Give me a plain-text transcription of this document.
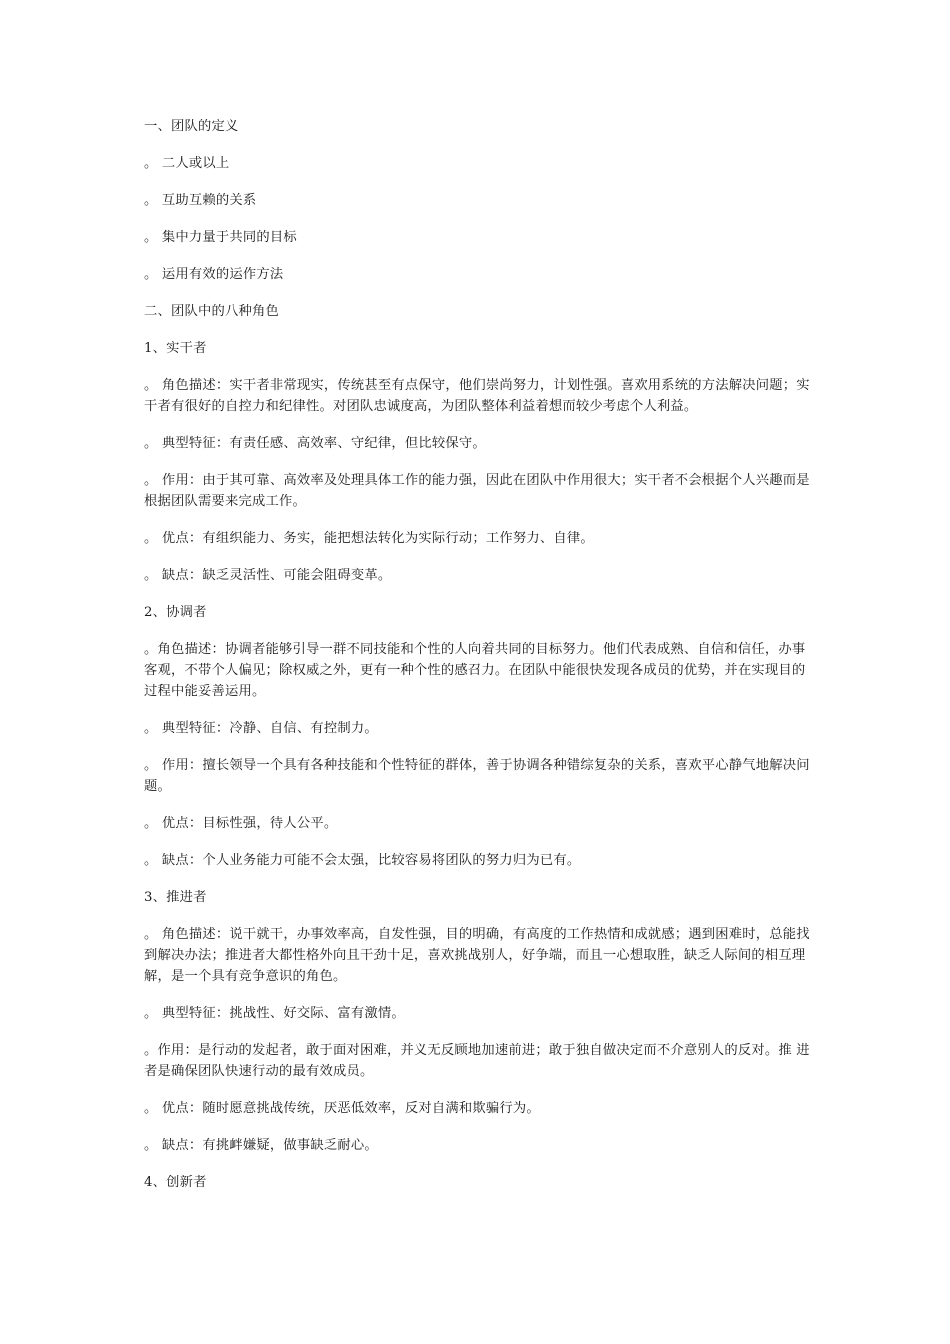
一、团队的定义

。 二人或以上

。 互助互赖的关系

。 集中力量于共同的目标

。 运用有效的运作方法

二、团队中的八种角色

1、实干者

。 角色描述：实干者非常现实，传统甚至有点保守，他们崇尚努力，计划性强。喜欢用系统的方法解决问题；实干者有很好的自控力和纪律性。对团队忠诚度高，为团队整体利益着想而较少考虑个人利益。

。 典型特征：有责任感、高效率、守纪律，但比较保守。

。 作用：由于其可靠、高效率及处理具体工作的能力强，因此在团队中作用很大；实干者不会根据个人兴趣而是根据团队需要来完成工作。

。 优点：有组织能力、务实，能把想法转化为实际行动；工作努力、自律。

。 缺点：缺乏灵活性、可能会阻碍变革。

2、协调者

。角色描述：协调者能够引导一群不同技能和个性的人向着共同的目标努力。他们代表成熟、自信和信任，办事客观，不带个人偏见；除权威之外，更有一种个性的感召力。在团队中能很快发现各成员的优势，并在实现目的过程中能妥善运用。

。 典型特征：冷静、自信、有控制力。

。 作用：擅长领导一个具有各种技能和个性特征的群体，善于协调各种错综复杂的关系，喜欢平心静气地解决问题。

。 优点：目标性强，待人公平。

。 缺点：个人业务能力可能不会太强，比较容易将团队的努力归为已有。

3、推进者

。 角色描述：说干就干，办事效率高，自发性强，目的明确，有高度的工作热情和成就感；遇到困难时，总能找到解决办法；推进者大都性格外向且干劲十足，喜欢挑战别人，好争端，而且一心想取胜，缺乏人际间的相互理解，是一个具有竞争意识的角色。

。 典型特征：挑战性、好交际、富有激情。

。作用：是行动的发起者，敢于面对困难，并义无反顾地加速前进；敢于独自做决定而不介意别人的反对。推 进者是确保团队快速行动的最有效成员。

。 优点：随时愿意挑战传统，厌恶低效率，反对自满和欺骗行为。

。 缺点：有挑衅嫌疑，做事缺乏耐心。

4、创新者
